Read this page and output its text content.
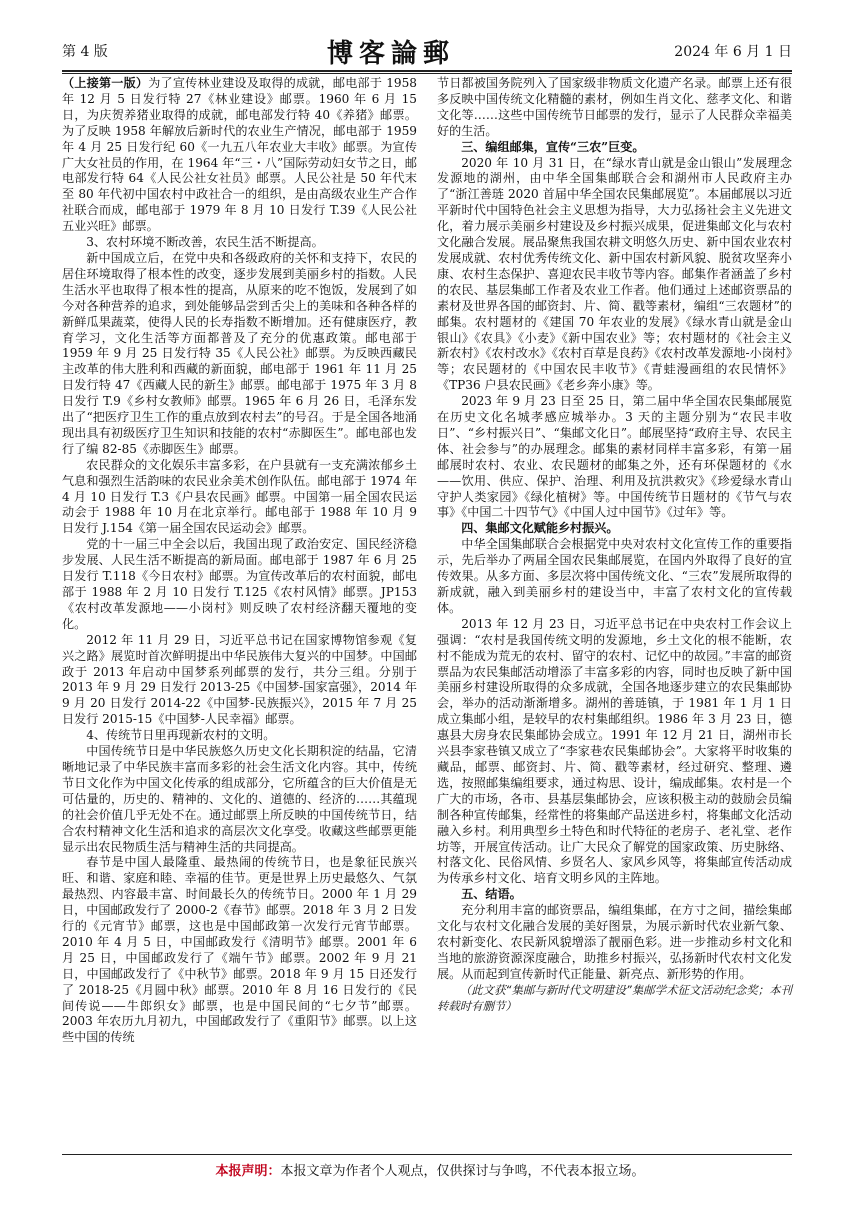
第 4 版	博客論郵	2024 年 6 月 1 日

（上接第一版）为了宣传林业建设及取得的成就，邮电部于 1958 年 12 月 5 日发行特 27《林业建设》邮票。1960 年 6 月 15 日，为庆贺养猪业取得的成就，邮电部发行特 40《养猪》邮票。为了反映 1958 年解放后新时代的农业生产情况，邮电部于 1959 年 4 月 25 日发行纪 60《一九五八年农业大丰收》邮票。为宣传广大女社员的作用，在 1964 年“三・八”国际劳动妇女节之日，邮电部发行特 64《人民公社女社员》邮票。人民公社是 50 年代末至 80 年代初中国农村中政社合一的组织，是由高级农业生产合作社联合而成，邮电部于 1979 年 8 月 10 日发行 T.39《人民公社五业兴旺》邮票。

3、农村环境不断改善，农民生活不断提高。

新中国成立后，在党中央和各级政府的关怀和支持下，农民的居住环境取得了根本性的改变，逐步发展到美丽乡村的指数。人民生活水平也取得了根本性的提高，从原来的吃不饱饭，发展到了如今对各种营养的追求，到处能够品尝到舌尖上的美味和各种各样的新鲜瓜果蔬菜，使得人民的长寿指数不断增加。还有健康医疗，教育学习，文化生活等方面都普及了充分的优惠政策。邮电部于 1959 年 9 月 25 日发行特 35《人民公社》邮票。为反映西藏民主改革的伟大胜利和西藏的新面貌，邮电部于 1961 年 11 月 25 日发行特 47《西藏人民的新生》邮票。邮电部于 1975 年 3 月 8 日发行 T.9《乡村女教师》邮票。1965 年 6 月 26 日，毛泽东发出了“把医疗卫生工作的重点放到农村去”的号召。于是全国各地涌现出具有初级医疗卫生知识和技能的农村“赤脚医生”。邮电部也发行了编 82-85《赤脚医生》邮票。

农民群众的文化娱乐丰富多彩，在户县就有一支充满浓郁乡土气息和强烈生活韵味的农民业余美术创作队伍。邮电部于 1974 年 4 月 10 日发行 T.3《户县农民画》邮票。中国第一届全国农民运动会于 1988 年 10 月在北京举行。邮电部于 1988 年 10 月 9 日发行 J.154《第一届全国农民运动会》邮票。

党的十一届三中全会以后，我国出现了政治安定、国民经济稳步发展、人民生活不断提高的新局面。邮电部于 1987 年 6 月 25 日发行 T.118《今日农村》邮票。为宣传改革后的农村面貌，邮电部于 1988 年 2 月 10 日发行 T.125《农村风情》邮票。JP153《农村改革发源地——小岗村》则反映了农村经济翻天覆地的变化。

2012 年 11 月 29 日，习近平总书记在国家博物馆参观《复兴之路》展览时首次鲜明提出中华民族伟大复兴的中国梦。中国邮政于 2013 年启动中国梦系列邮票的发行，共分三组。分别于 2013 年 9 月 29 日发行 2013-25《中国梦-国家富强》，2014 年 9 月 20 日发行 2014-22《中国梦-民族振兴》，2015 年 7 月 25 日发行 2015-15《中国梦-人民幸福》邮票。

4、传统节日里再现新农村的文明。

中国传统节日是中华民族悠久历史文化长期积淀的结晶，它清晰地记录了中华民族丰富而多彩的社会生活文化内容。其中，传统节日文化作为中国文化传承的组成部分，它所蕴含的巨大价值是无可估量的，历史的、精神的、文化的、道德的、经济的……其蕴现的社会价值几乎无处不在。通过邮票上所反映的中国传统节日，结合农村精神文化生活和追求的高层次文化享受。收藏这些邮票更能显示出农民物质生活与精神生活的共同提高。

春节是中国人最隆重、最热闹的传统节日，也是象征民族兴旺、和谐、家庭和睦、幸福的佳节。更是世界上历史最悠久、气氛最热烈、内容最丰富、时间最长久的传统节日。2000 年 1 月 29 日，中国邮政发行了 2000-2《春节》邮票。2018 年 3 月 2 日发行的《元宵节》邮票，这也是中国邮政第一次发行元宵节邮票。2010 年 4 月 5 日，中国邮政发行《清明节》邮票。2001 年 6 月 25 日，中国邮政发行了《端午节》邮票。2002 年 9 月 21 日，中国邮政发行了《中秋节》邮票。2018 年 9 月 15 日还发行了 2018-25《月圆中秋》邮票。2010 年 8 月 16 日发行的《民间传说——牛郎织女》邮票，也是中国民间的“七夕节”邮票。2003 年农历九月初九，中国邮政发行了《重阳节》邮票。以上这些中国的传统

节日都被国务院列入了国家级非物质文化遗产名录。邮票上还有很多反映中国传统文化精髓的素材，例如生肖文化、慈孝文化、和谐文化等……这些中国传统节日邮票的发行，显示了人民群众幸福美好的生活。

三、编组邮集，宣传“三农”巨变。

2020 年 10 月 31 日，在“绿水青山就是金山银山”发展理念发源地的湖州，由中华全国集邮联合会和湖州市人民政府主办了“浙江善琏 2020 首届中华全国农民集邮展览”。本届邮展以习近平新时代中国特色社会主义思想为指导，大力弘扬社会主义先进文化，着力展示美丽乡村建设及乡村振兴成果，促进集邮文化与农村文化融合发展。展品聚焦我国农耕文明悠久历史、新中国农业农村发展成就、农村优秀传统文化、新中国农村新风貌、脱贫攻坚奔小康、农村生态保护、喜迎农民丰收节等内容。邮集作者涵盖了乡村的农民、基层集邮工作者及农业工作者。他们通过上述邮资票品的素材及世界各国的邮资封、片、简、戳等素材，编组“三农题材”的邮集。农村题材的《建国 70 年农业的发展》《绿水青山就是金山银山》《农具》《小麦》《新中国农业》等；农村题材的《社会主义新农村》《农村改水》《农村百草是良药》《农村改革发源地-小岗村》等；农民题材的《中国农民丰收节》《青蛙漫画组的农民情怀》《TP36 户县农民画》《老乡奔小康》等。

2023 年 9 月 23 日至 25 日，第二届中华全国农民集邮展览在历史文化名城孝感应城举办。3 天的主题分别为“农民丰收日”、“乡村振兴日”、“集邮文化日”。邮展坚持“政府主导、农民主体、社会参与”的办展理念。邮集的素材同样丰富多彩，有第一届邮展时农村、农业、农民题材的邮集之外，还有环保题材的《水——饮用、供应、保护、治理、利用及抗洪救灾》《珍爱绿水青山　守护人类家园》《绿化植树》等。中国传统节日题材的《节气与农事》《中国二十四节气》《中国人过中国节》《过年》等。

四、集邮文化赋能乡村振兴。

中华全国集邮联合会根据党中央对农村文化宣传工作的重要指示，先后举办了两届全国农民集邮展览，在国内外取得了良好的宣传效果。从多方面、多层次将中国传统文化、“三农”发展所取得的新成就，融入到美丽乡村的建设当中，丰富了农村文化的宣传载体。

2013 年 12 月 23 日，习近平总书记在中央农村工作会议上强调：“农村是我国传统文明的发源地，乡土文化的根不能断，农村不能成为荒无的农村、留守的农村、记忆中的故园。”丰富的邮资票品为农民集邮活动增添了丰富多彩的内容，同时也反映了新中国美丽乡村建设所取得的众多成就，全国各地逐步建立的农民集邮协会，举办的活动渐渐增多。湖州的善琏镇，于 1981 年 1 月 1 日成立集邮小组，是较早的农村集邮组织。1986 年 3 月 23 日，德惠县大房身农民集邮协会成立。1991 年 12 月 21 日，湖州市长兴县李家巷镇又成立了“李家巷农民集邮协会”。大家将平时收集的藏品，邮票、邮资封、片、简、戳等素材，经过研究、整理、遴选，按照邮集编组要求，通过构思、设计，编成邮集。农村是一个广大的市场，各市、县基层集邮协会，应该积极主动的鼓励会员编制各种宣传邮集，经常性的将集邮产品送进乡村，将集邮文化活动融入乡村。利用典型乡土特色和时代特征的老房子、老礼堂、老作坊等，开展宣传活动。让广大民众了解党的国家政策、历史脉络、村落文化、民俗风情、乡贤名人、家风乡风等，将集邮宣传活动成为传承乡村文化、培育文明乡风的主阵地。

五、结语。

充分利用丰富的邮资票品，编组集邮，在方寸之间，描绘集邮文化与农村文化融合发展的美好图景，为展示新时代农业新气象、农村新变化、农民新风貌增添了靓丽色彩。进一步推动乡村文化和当地的旅游资源深度融合，助推乡村振兴，弘扬新时代农村文化发展。从而起到宣传新时代正能量、新亮点、新形势的作用。

（此文获“集邮与新时代文明建设”集邮学术征文活动纪念奖；本刊转载时有删节）

本报声明：本报文章为作者个人观点，仅供探讨与争鸣，不代表本报立场。
